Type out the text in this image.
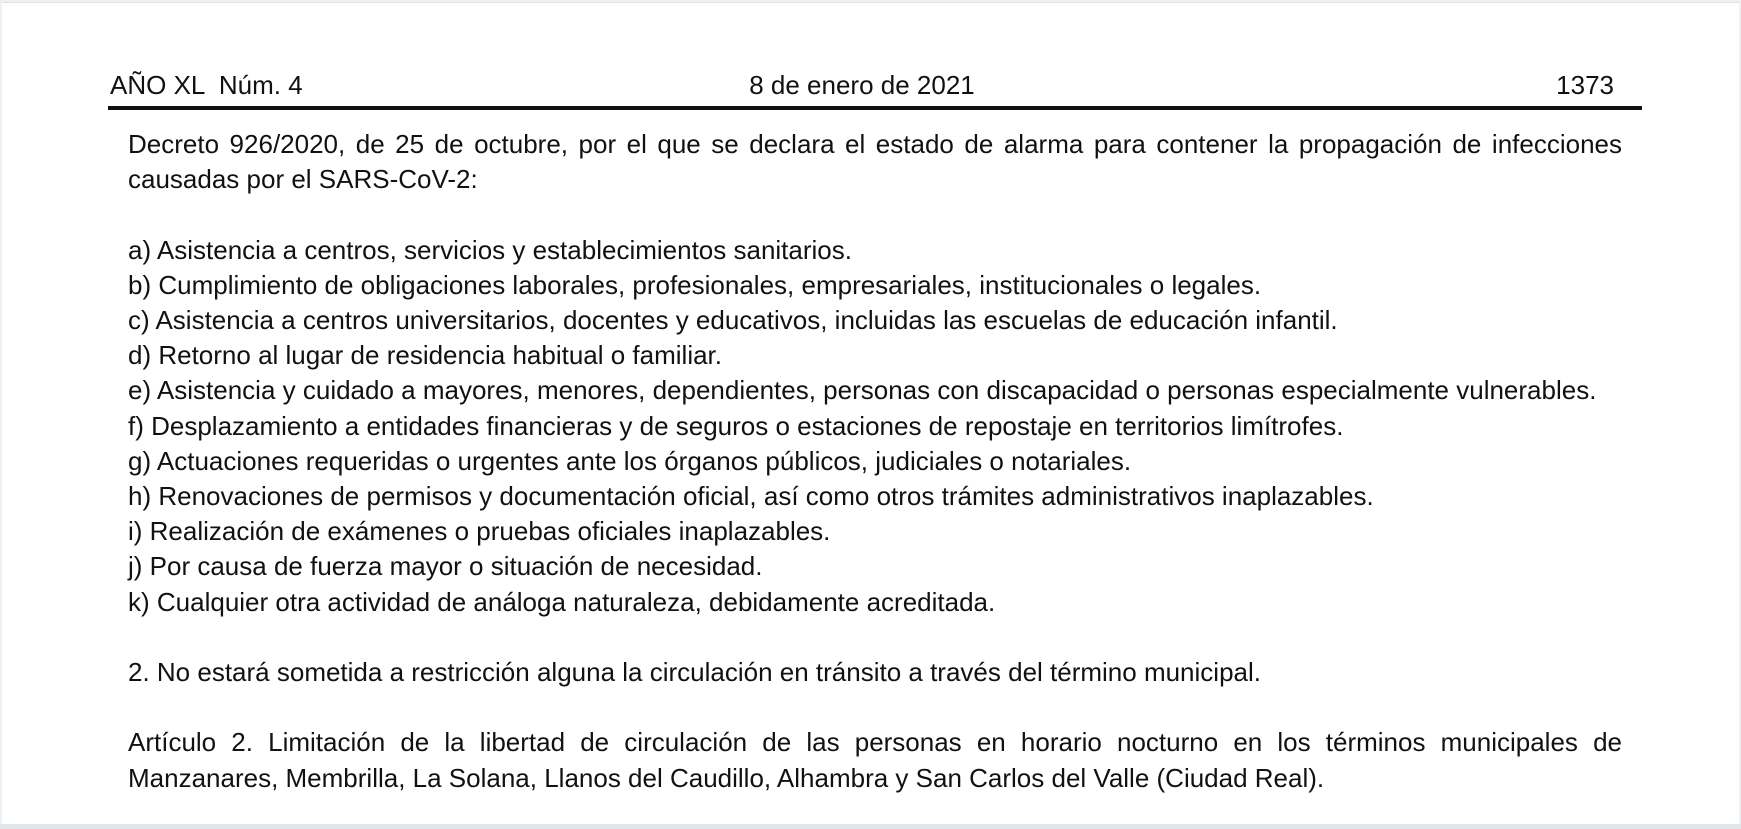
AÑO XL  Núm. 4	8 de enero de 2021	1373

Decreto 926/2020, de 25 de octubre, por el que se declara el estado de alarma para contener la propagación de infecciones causadas por el SARS-CoV-2:

a) Asistencia a centros, servicios y establecimientos sanitarios.

b) Cumplimiento de obligaciones laborales, profesionales, empresariales, institucionales o legales.

c) Asistencia a centros universitarios, docentes y educativos, incluidas las escuelas de educación infantil.

d) Retorno al lugar de residencia habitual o familiar.

e) Asistencia y cuidado a mayores, menores, dependientes, personas con discapacidad o personas especialmente vulnerables.

f) Desplazamiento a entidades financieras y de seguros o estaciones de repostaje en territorios limítrofes.

g) Actuaciones requeridas o urgentes ante los órganos públicos, judiciales o notariales.

h) Renovaciones de permisos y documentación oficial, así como otros trámites administrativos inaplazables.

i) Realización de exámenes o pruebas oficiales inaplazables.

j) Por causa de fuerza mayor o situación de necesidad.

k) Cualquier otra actividad de análoga naturaleza, debidamente acreditada.

2. No estará sometida a restricción alguna la circulación en tránsito a través del término municipal.

Artículo 2. Limitación de la libertad de circulación de las personas en horario nocturno en los términos municipales de Manzanares, Membrilla, La Solana, Llanos del Caudillo, Alhambra y San Carlos del Valle (Ciudad Real).
